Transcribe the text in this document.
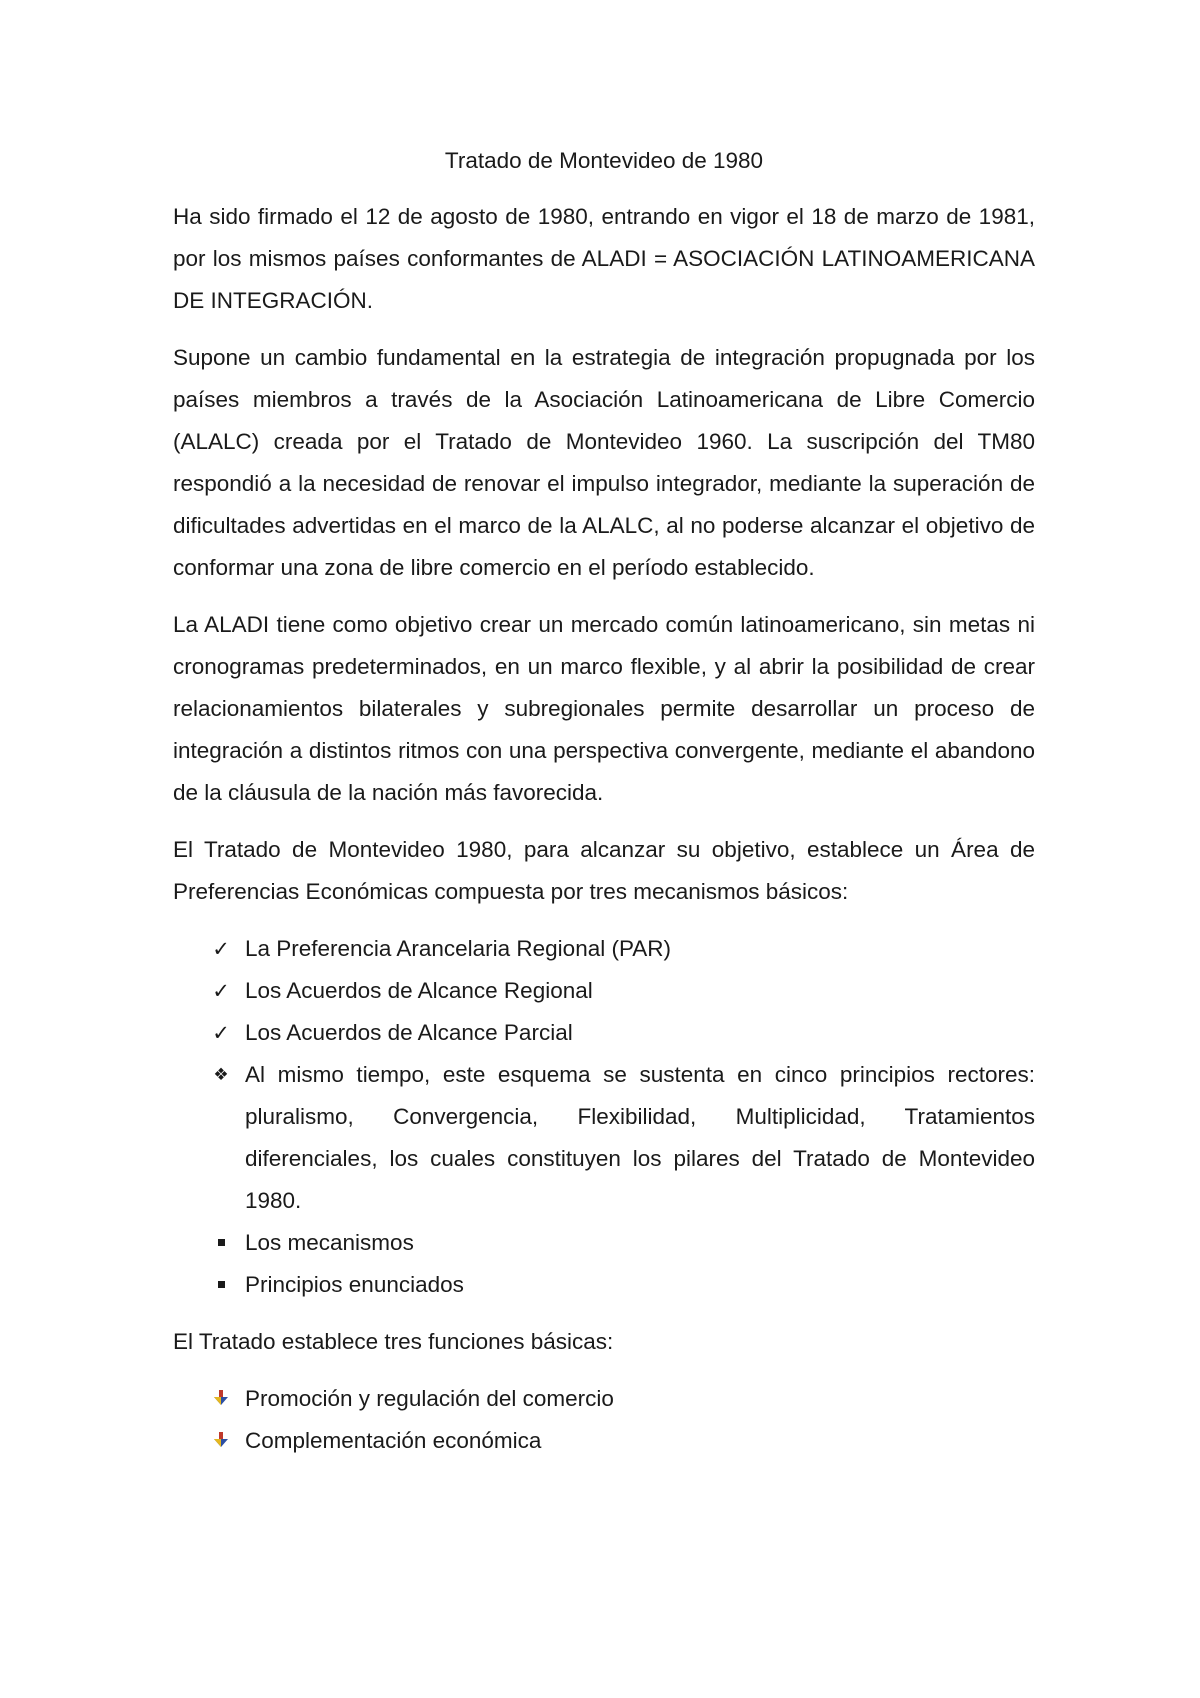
Tratado de Montevideo de 1980

Ha sido firmado el 12 de agosto de 1980, entrando en vigor el 18 de marzo de 1981, por los mismos países conformantes de ALADI = ASOCIACIÓN LATINOAMERICANA DE INTEGRACIÓN.

Supone un cambio fundamental en la estrategia de integración propugnada por los países miembros a través de la Asociación Latinoamericana de Libre Comercio (ALALC) creada por el Tratado de Montevideo 1960. La suscripción del TM80 respondió a la necesidad de renovar el impulso integrador, mediante la superación de dificultades advertidas en el marco de la ALALC, al no poderse alcanzar el objetivo de conformar una zona de libre comercio en el período establecido.

La ALADI tiene como objetivo crear un mercado común latinoamericano, sin metas ni cronogramas predeterminados, en un marco flexible, y al abrir la posibilidad de crear relacionamientos bilaterales y subregionales permite desarrollar un proceso de integración a distintos ritmos con una perspectiva convergente, mediante el abandono de la cláusula de la nación más favorecida.

El Tratado de Montevideo 1980, para alcanzar su objetivo, establece un Área de Preferencias Económicas compuesta por tres mecanismos básicos:

✓ La Preferencia Arancelaria Regional (PAR)
✓ Los Acuerdos de Alcance Regional
✓ Los Acuerdos de Alcance Parcial
❖ Al mismo tiempo, este esquema se sustenta en cinco principios rectores: pluralismo, Convergencia, Flexibilidad, Multiplicidad, Tratamientos diferenciales, los cuales constituyen los pilares del Tratado de Montevideo 1980.
Los mecanismos
Principios enunciados

El Tratado establece tres funciones básicas:

Promoción y regulación del comercio
Complementación económica
